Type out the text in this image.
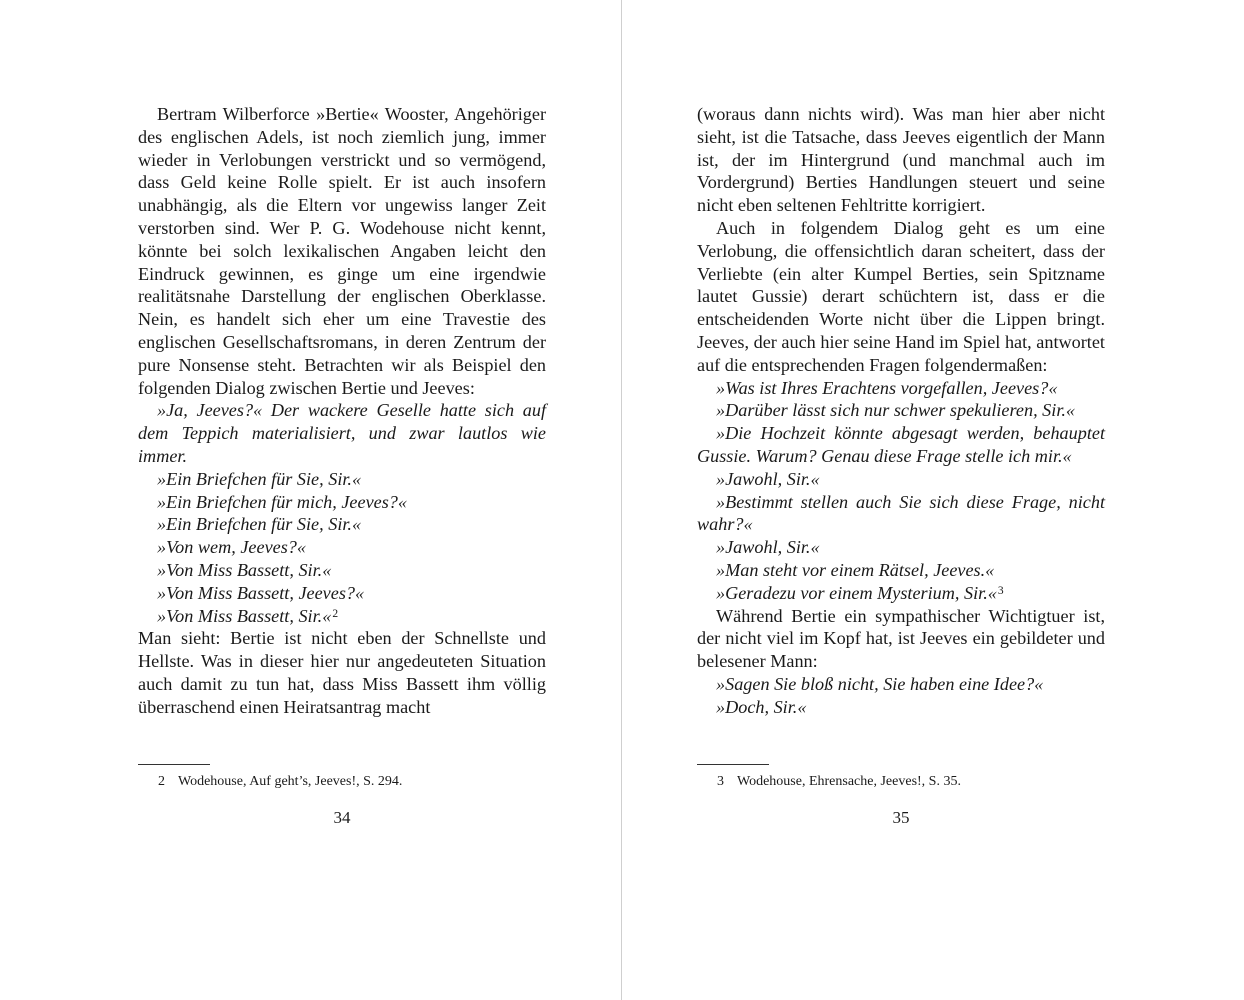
Bertram Wilberforce »Bertie« Wooster, Angehöriger des englischen Adels, ist noch ziemlich jung, immer wieder in Verlobungen verstrickt und so vermögend, dass Geld keine Rolle spielt. Er ist auch insofern unabhängig, als die Eltern vor ungewiss langer Zeit verstorben sind. Wer P. G. Wodehouse nicht kennt, könnte bei solch lexikalischen Angaben leicht den Eindruck gewinnen, es ginge um eine irgendwie realitätsnahe Darstellung der englischen Oberklasse. Nein, es handelt sich eher um eine Travestie des englischen Gesellschaftsromans, in deren Zentrum der pure Nonsense steht. Betrachten wir als Beispiel den folgenden Dialog zwischen Bertie und Jeeves:

»Ja, Jeeves?« Der wackere Geselle hatte sich auf dem Teppich materialisiert, und zwar lautlos wie immer.

»Ein Briefchen für Sie, Sir.«

»Ein Briefchen für mich, Jeeves?«

»Ein Briefchen für Sie, Sir.«

»Von wem, Jeeves?«

»Von Miss Bassett, Sir.«

»Von Miss Bassett, Jeeves?«

»Von Miss Bassett, Sir.«$^2$

Man sieht: Bertie ist nicht eben der Schnellste und Hellste. Was in dieser hier nur angedeuteten Situation auch damit zu tun hat, dass Miss Bassett ihm völlig überraschend einen Heiratsantrag macht

2 Wodehouse, Auf geht’s, Jeeves!, S. 294.
34

(woraus dann nichts wird). Was man hier aber nicht sieht, ist die Tatsache, dass Jeeves eigentlich der Mann ist, der im Hintergrund (und manchmal auch im Vordergrund) Berties Handlungen steuert und seine nicht eben seltenen Fehltritte korrigiert.

Auch in folgendem Dialog geht es um eine Verlobung, die offensichtlich daran scheitert, dass der Verliebte (ein alter Kumpel Berties, sein Spitzname lautet Gussie) derart schüchtern ist, dass er die entscheidenden Worte nicht über die Lippen bringt. Jeeves, der auch hier seine Hand im Spiel hat, antwortet auf die entsprechenden Fragen folgendermaßen:

»Was ist Ihres Erachtens vorgefallen, Jeeves?«

»Darüber lässt sich nur schwer spekulieren, Sir.«

»Die Hochzeit könnte abgesagt werden, behauptet Gussie. Warum? Genau diese Frage stelle ich mir.«

»Jawohl, Sir.«

»Bestimmt stellen auch Sie sich diese Frage, nicht wahr?«

»Jawohl, Sir.«

»Man steht vor einem Rätsel, Jeeves.«

»Geradezu vor einem Mysterium, Sir.«$^3$

Während Bertie ein sympathischer Wichtigtuer ist, der nicht viel im Kopf hat, ist Jeeves ein gebildeter und belesener Mann:

»Sagen Sie bloß nicht, Sie haben eine Idee?«

»Doch, Sir.«

3 Wodehouse, Ehrensache, Jeeves!, S. 35.
35
